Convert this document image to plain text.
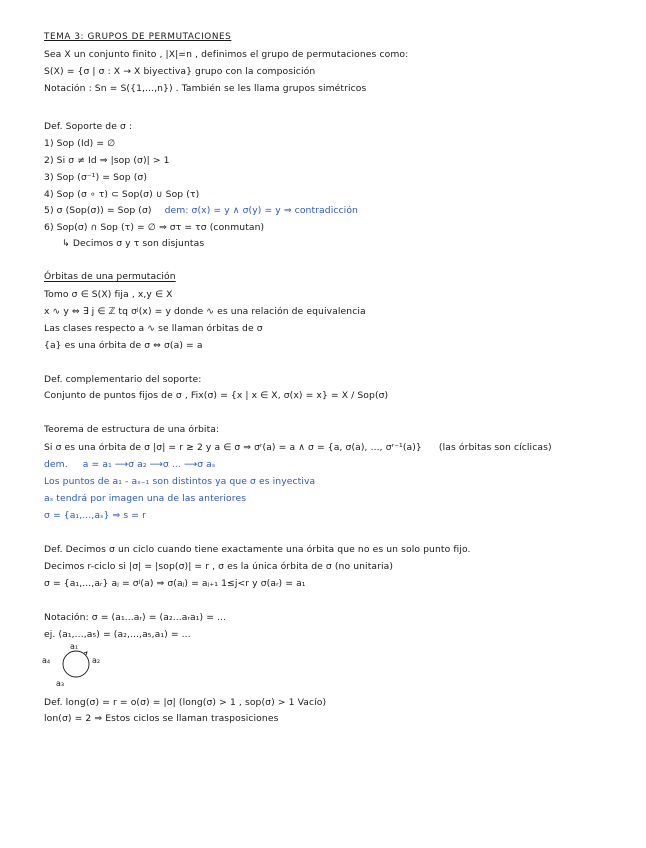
TEMA 3: GRUPOS DE PERMUTACIONES
Sea X un conjunto finito , |X|=n , definimos el grupo de permutaciones como:
S(X) = {σ | σ : X → X biyectiva} grupo con la composición
Notación : Sn = S({1,...,n}) . También se les llama grupos simétricos
Def. Soporte de σ :
1) Sop (Id) = ∅
2) Si σ ≠ Id ⇒ |sop (σ)| > 1
3) Sop (σ⁻¹) = Sop (σ)
4) Sop (σ ∘ τ) ⊂ Sop(σ) ∪ Sop (τ)
5) σ (Sop(σ)) = Sop (σ) dem: σ(x) = y ∧ σ(y) = y ⇒ contradicción
6) Sop(σ) ∩ Sop (τ) = ∅ ⇒ στ = τσ (conmutan)
↳ Decimos σ y τ son disjuntas
Órbitas de una permutación
Tomo σ ∈ S(X) fija , x,y ∈ X
x ∿ y ⇔ ∃ j ∈ ℤ tq σʲ(x) = y donde ∿ es una relación de equivalencia
Las clases respecto a ∿ se llaman órbitas de σ
{a} es una órbita de σ ⇔ σ(a) = a
Def. complementario del soporte:
Conjunto de puntos fijos de σ , Fix(σ) = {x | x ∈ X, σ(x) = x} = X / Sop(σ)
Teorema de estructura de una órbita:
Si σ es una órbita de σ |σ| = r ≥ 2 y a ∈ σ ⇒ σʳ(a) = a ∧ σ = {a, σ(a), ..., σʳ⁻¹(a)} (las órbitas son cíclicas)
dem. a = a₁ ⟶σ a₂ ⟶σ ... ⟶σ aₛ
Los puntos de a₁ - aₛ₋₁ son distintos ya que σ es inyectiva
aₛ tendrá por imagen una de las anteriores
σ = {a₁,...,aₛ} ⇒ s = r
Def. Decimos σ un ciclo cuando tiene exactamente una órbita que no es un solo punto fijo.
Decimos r-ciclo si |σ| = |sop(σ)| = r , σ es la única órbita de σ (no unitaria)
σ = {a₁,...,aᵣ} aⱼ = σʲ(a) ⇒ σ(aⱼ) = aⱼ₊₁ 1≤j<r y σ(aᵣ) = a₁
Notación: σ = (a₁...aᵣ) = (a₂...aᵣa₁) = ...
ej. (a₁,...,a₅) = (a₂,...,a₅,a₁) = ...
a₁
a₄	a₂
a₃
Def. long(σ) = r = o(σ) = |σ| (long(σ) > 1 , sop(σ) > 1 Vacío)
lon(σ) = 2 ⇒ Estos ciclos se llaman trasposiciones
